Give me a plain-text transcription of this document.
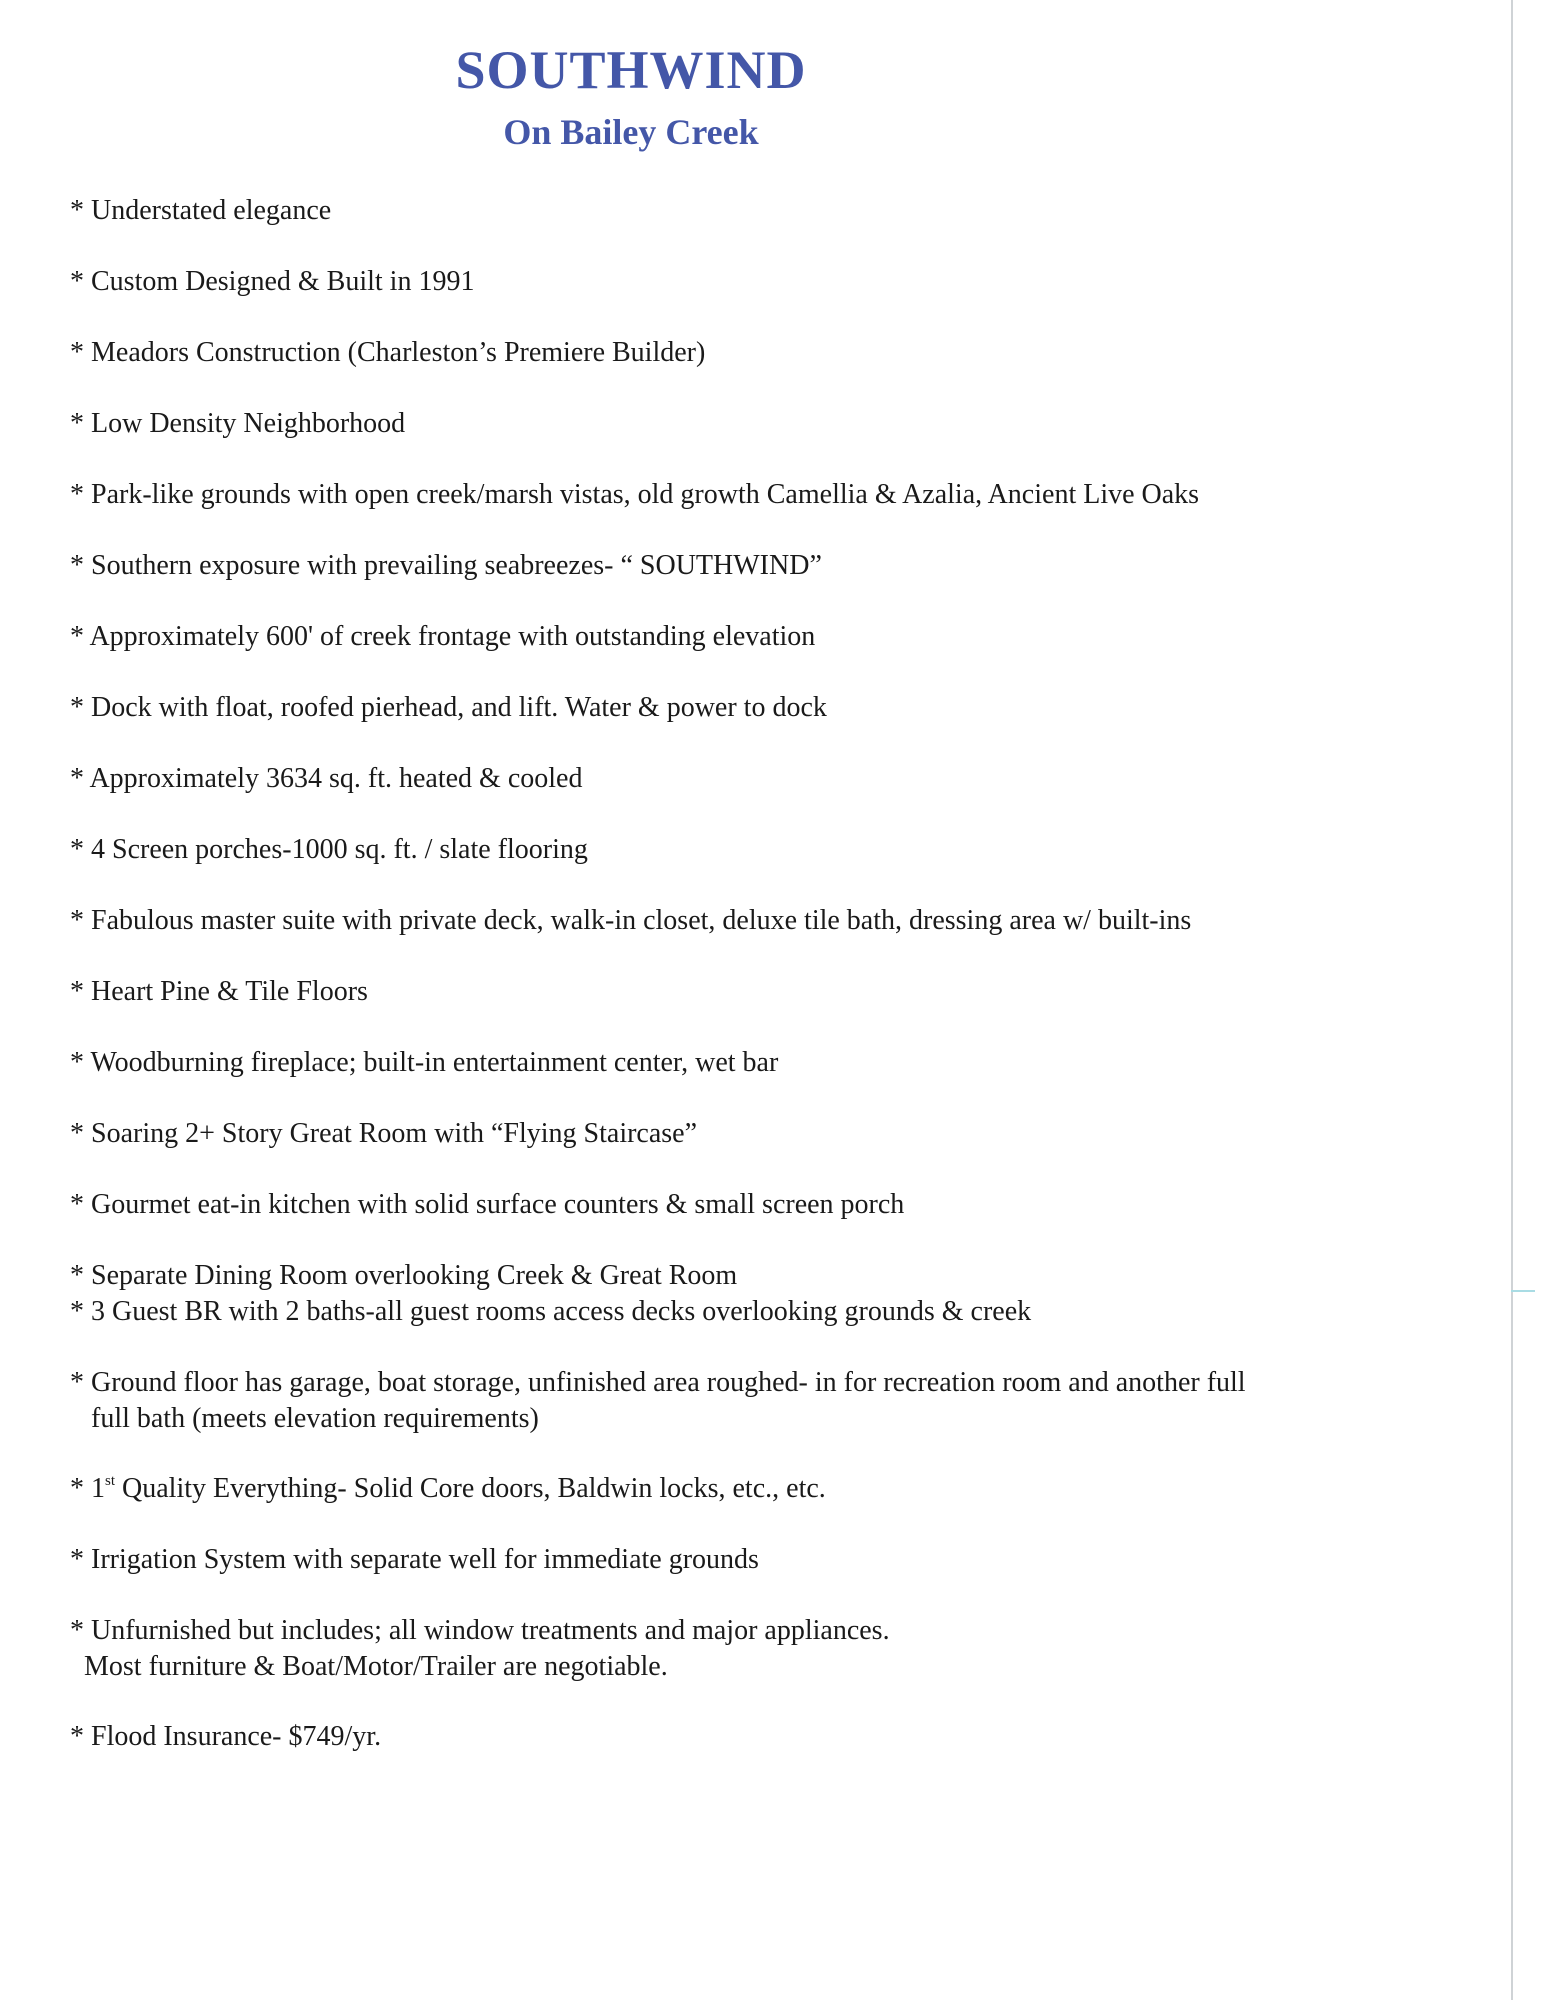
SOUTHWIND
On Bailey Creek
* Understated elegance
* Custom Designed & Built in 1991
* Meadors Construction (Charleston’s Premiere Builder)
* Low Density Neighborhood
* Park-like grounds with open creek/marsh vistas, old growth Camellia & Azalia, Ancient Live Oaks
* Southern exposure with prevailing seabreezes- “ SOUTHWIND”
* Approximately 600' of creek frontage with outstanding elevation
* Dock with float, roofed pierhead, and lift. Water & power to dock
* Approximately 3634 sq. ft. heated & cooled
* 4 Screen porches-1000 sq. ft. / slate flooring
* Fabulous master suite with private deck, walk-in closet, deluxe tile bath, dressing area w/ built-ins
* Heart Pine & Tile Floors
* Woodburning fireplace; built-in entertainment center, wet bar
* Soaring 2+ Story Great Room with “Flying Staircase”
* Gourmet eat-in kitchen with solid surface counters & small screen porch
* Separate Dining Room overlooking Creek & Great Room
* 3 Guest BR with 2 baths-all guest rooms access decks overlooking grounds & creek
* Ground floor has garage, boat storage, unfinished area roughed- in for recreation room and another full
full bath (meets elevation requirements)
* 1st Quality Everything- Solid Core doors, Baldwin locks, etc., etc.
* Irrigation System with separate well for immediate grounds
* Unfurnished but includes; all window treatments and major appliances.
Most furniture & Boat/Motor/Trailer are negotiable.
* Flood Insurance- $749/yr.
